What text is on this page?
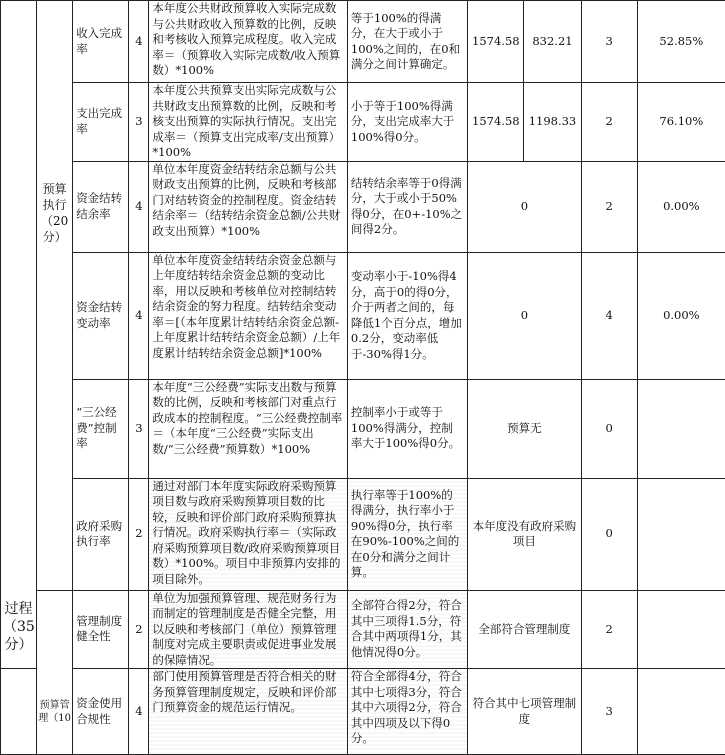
过程（35分）	预算执行（20分）	收入完成率	4	本年度公共财政预算收入实际完成数与公共财政收入预算数的比例，反映和考核收入预算完成程度。收入完成率＝（预算收入实际完成数/收入预算数）*100%	等于100%的得满分，在大于或小于100%之间的，在0和满分之间计算确定。	1574.58	832.21	3	52.85%
		支出完成率	3	本年度公共预算支出实际完成数与公共财政支出预算数的比例，反映和考核支出预算的实际执行情况。支出完成率＝（预算支出完成率/支出预算）*100%	小于等于100%得满分，支出完成率大于100%得0分。	1574.58	1198.33	2	76.10%
		资金结转结余率	4	单位本年度资金结转结余总额与公共财政支出预算的比例，反映和考核部门对结转资金的控制程度。资金结转结余率＝（结转结余资金总额/公共财政支出预算）*100%	结转结余率等于0得满分，大于或小于50%得0分，在0+-10%之间得2分。	0		2	0.00%
		资金结转变动率	4	单位本年度资金结转结余资金总额与上年度结转结余资金总额的变动比率，用以反映和考核单位对控制结转结余资金的努力程度。结转结余变动率＝[（本年度累计结转结余资金总额-上年度累计结转结余资金总额）/上年度累计结转结余资金总额]*100%	变动率小于-10%得4分，高于0的得0分，介于两者之间的，每降低1个百分点，增加0.2分，变动率低于-30%得1分。	0		4	0.00%
		“三公经费”控制率	3	本年度“三公经费”实际支出数与预算数的比例，反映和考核部门对重点行政成本的控制程度。“三公经费控制率＝（本年度“三公经费”实际支出数/“三公经费”预算数）*100%	控制率小于或等于100%得满分，控制率大于100%得0分。	预算无		0	
		政府采购执行率	2	通过对部门本年度实际政府采购预算项目数与政府采购预算项目数的比较，反映和评价部门政府采购预算执行情况。政府采购执行率＝（实际政府采购预算项目数/政府采购预算项目数）*100%。项目中非预算内安排的项目除外。	执行率等于100%的得满分，执行率小于90%得0分，执行率在90%-100%之间的在0分和满分之间计算。	本年度没有政府采购项目		0	
	预算管理（10	管理制度健全性	2	单位为加强预算管理、规范财务行为而制定的管理制度是否健全完整，用以反映和考核部门（单位）预算管理制度对完成主要职责或促进事业发展的保障情况。	全部符合得2分，符合其中三项得1.5分，符合其中两项得1分，其他情况得0分。	全部符合管理制度		2	
		资金使用合规性	4	部门使用预算管理是否符合相关的财务预算管理制度规定，反映和评价部门预算资金的规范运行情况。	符合全部得4分，符合其中七项得3分，符合其中六项得2分，符合其中四项及以下得0分。	符合其中七项管理制度		3	
